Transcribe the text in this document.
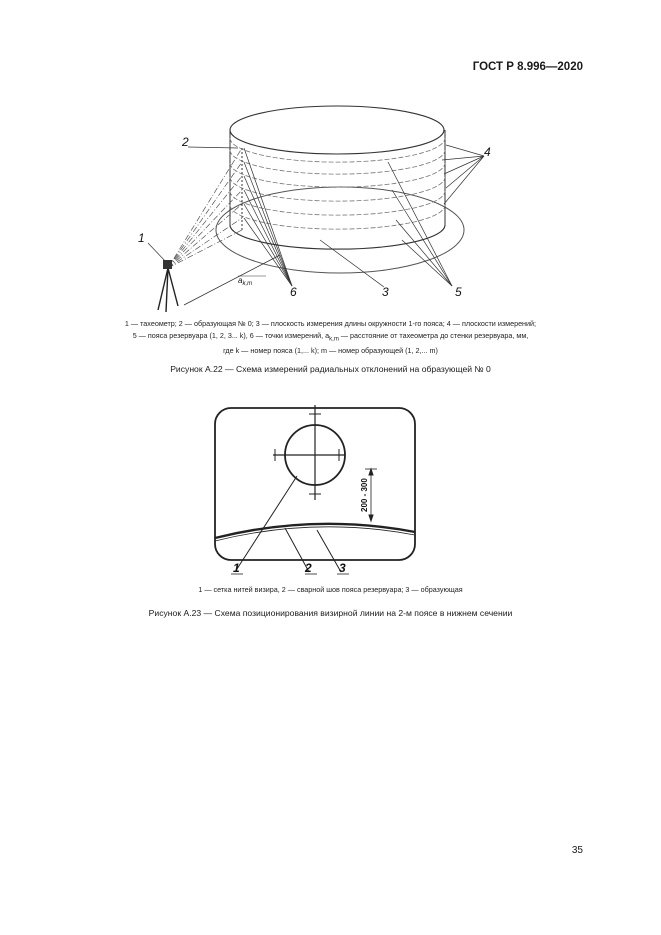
ГОСТ Р 8.996—2020
1
2
4
3	5
6
$a_{k,m}$
1 — тахеометр; 2 — образующая № 0; 3 — плоскость измерения длины окружности 1-го пояса; 4 — плоскости измерений;
5 — пояса резервуара (1, 2, 3... k), 6 — точки измерений, $a_{k,m}$ — расстояние от тахеометра до стенки резервуара, мм,
где k — номер пояса (1,... k); m — номер образующей (1, 2,... m)
Рисунок А.22 — Схема измерений радиальных отклонений на образующей № 0
200 - 300
1	2 3
1 — сетка нитей визира, 2 — сварной шов пояса резервуара; 3 — образующая
Рисунок А.23 — Схема позиционирования визирной линии на 2-м поясе в нижнем сечении
35
